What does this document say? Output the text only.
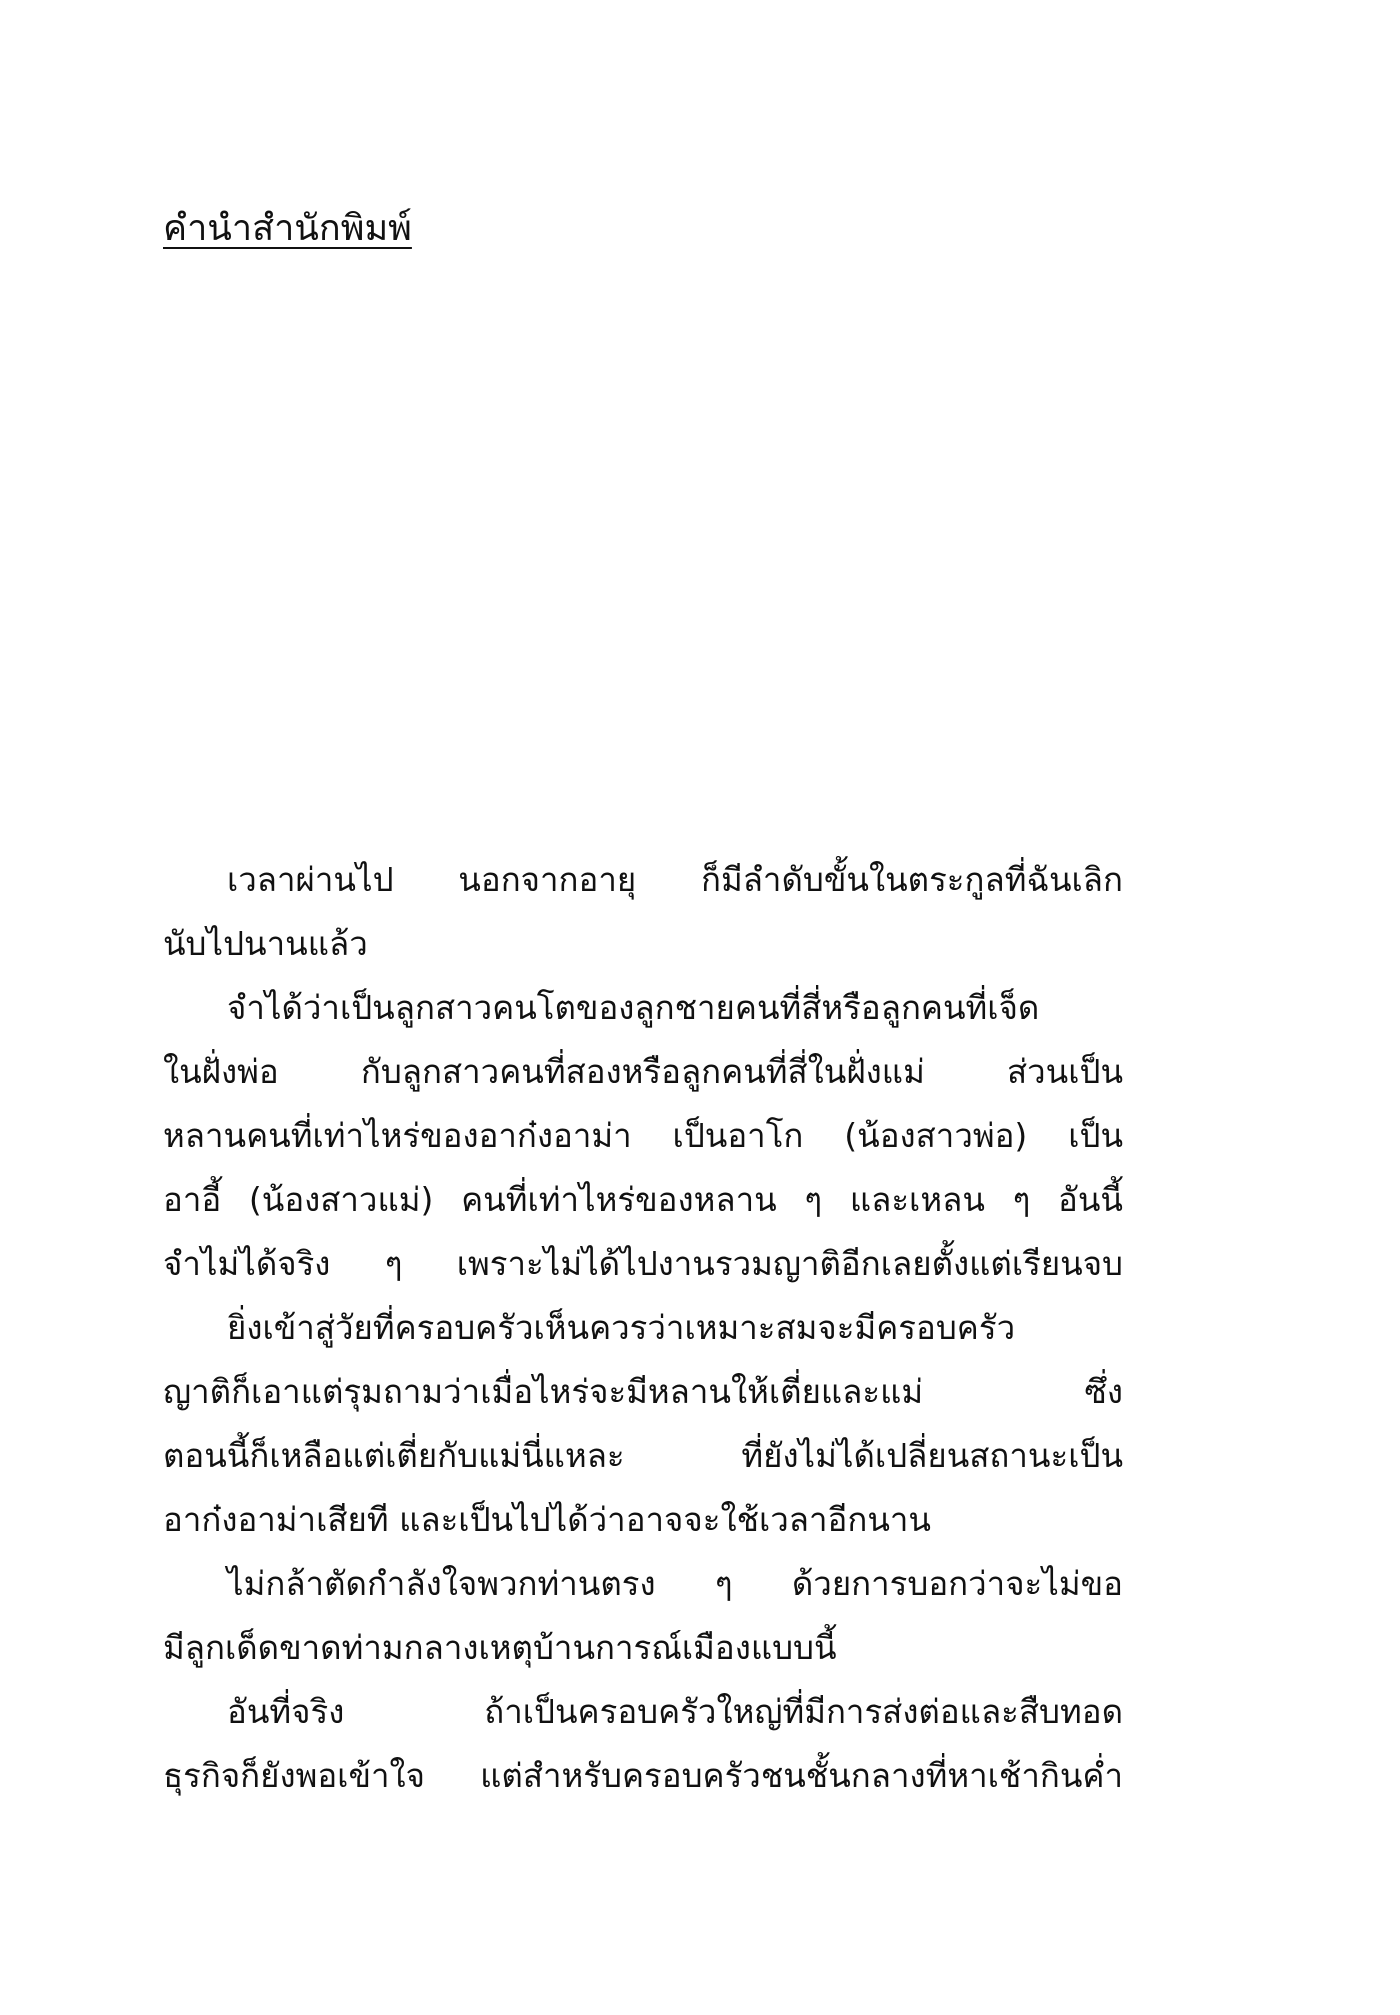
คำนำสำนักพิมพ์
เวลาผ่านไป นอกจากอายุ ก็มีลำดับขั้นในตระกูลที่ฉันเลิก
นับไปนานแล้ว
จำได้ว่าเป็นลูกสาวคนโตของลูกชายคนที่สี่หรือลูกคนที่เจ็ด
ในฝั่งพ่อ กับลูกสาวคนที่สองหรือลูกคนที่สี่ในฝั่งแม่ ส่วนเป็น
หลานคนที่เท่าไหร่ของอาก๋งอาม่า เป็นอาโก (น้องสาวพ่อ) เป็น
อาอี้ (น้องสาวแม่) คนที่เท่าไหร่ของหลาน ๆ และเหลน ๆ อันนี้
จำไม่ได้จริง ๆ เพราะไม่ได้ไปงานรวมญาติอีกเลยตั้งแต่เรียนจบ
ยิ่งเข้าสู่วัยที่ครอบครัวเห็นควรว่าเหมาะสมจะมีครอบครัว
ญาติก็เอาแต่รุมถามว่าเมื่อไหร่จะมีหลานให้เตี่ยและแม่ ซึ่ง
ตอนนี้ก็เหลือแต่เตี่ยกับแม่นี่แหละ ที่ยังไม่ได้เปลี่ยนสถานะเป็น
อาก๋งอาม่าเสียที และเป็นไปได้ว่าอาจจะใช้เวลาอีกนาน
ไม่กล้าตัดกำลังใจพวกท่านตรง ๆ ด้วยการบอกว่าจะไม่ขอ
มีลูกเด็ดขาดท่ามกลางเหตุบ้านการณ์เมืองแบบนี้
อันที่จริง ถ้าเป็นครอบครัวใหญ่ที่มีการส่งต่อและสืบทอด
ธุรกิจก็ยังพอเข้าใจ แต่สำหรับครอบครัวชนชั้นกลางที่หาเช้ากินค่ำ
